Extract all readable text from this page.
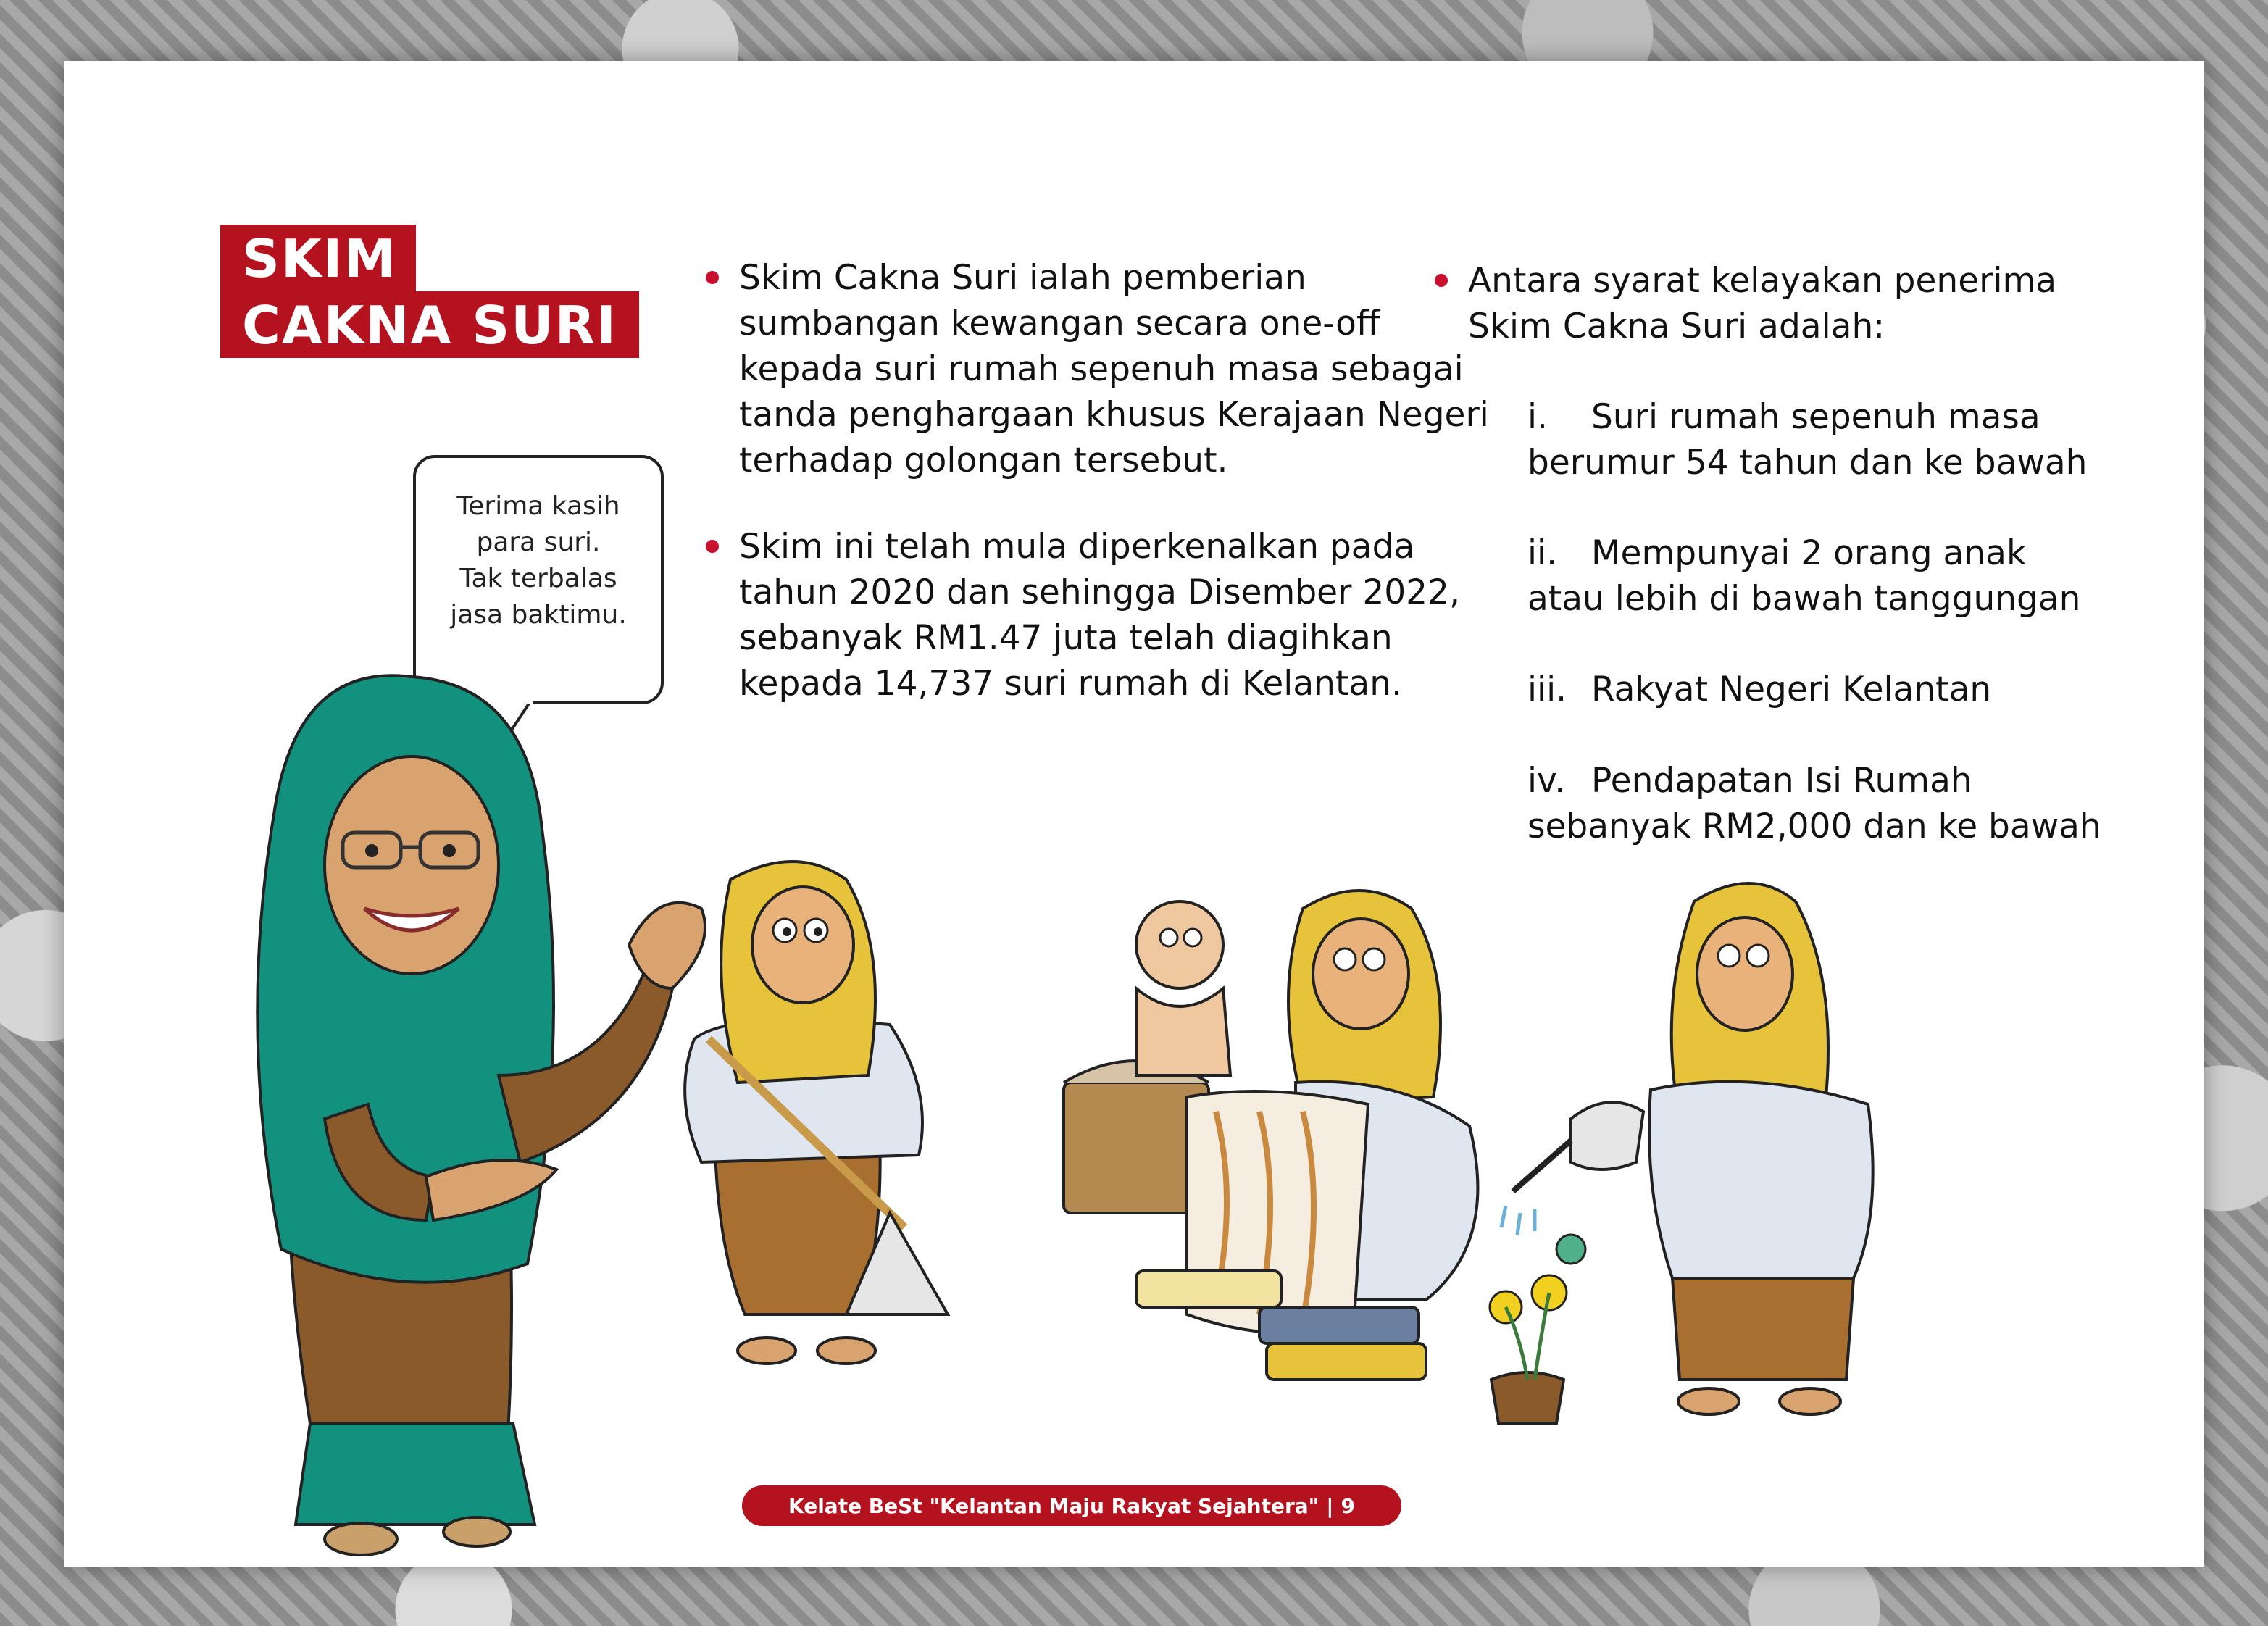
SKIM
CAKNA SURI
Skim Cakna Suri ialah pemberian sumbangan kewangan secara one-off kepada suri rumah sepenuh masa sebagai tanda penghargaan khusus Kerajaan Negeri terhadap golongan tersebut.
Skim ini telah mula diperkenalkan pada tahun 2020 dan sehingga Disember 2022, sebanyak RM1.47 juta telah diagihkan kepada 14,737 suri rumah di Kelantan.
Antara syarat kelayakan penerima Skim Cakna Suri adalah:
i. Suri rumah sepenuh masa
berumur 54 tahun dan ke bawah
ii. Mempunyai 2 orang anak
atau lebih di bawah tanggungan
iii. Rakyat Negeri Kelantan
iv. Pendapatan Isi Rumah
sebanyak RM2,000 dan ke bawah
Terima kasih
para suri.
Tak terbalas
jasa baktimu.
Kelate BeSt "Kelantan Maju Rakyat Sejahtera" | 9
